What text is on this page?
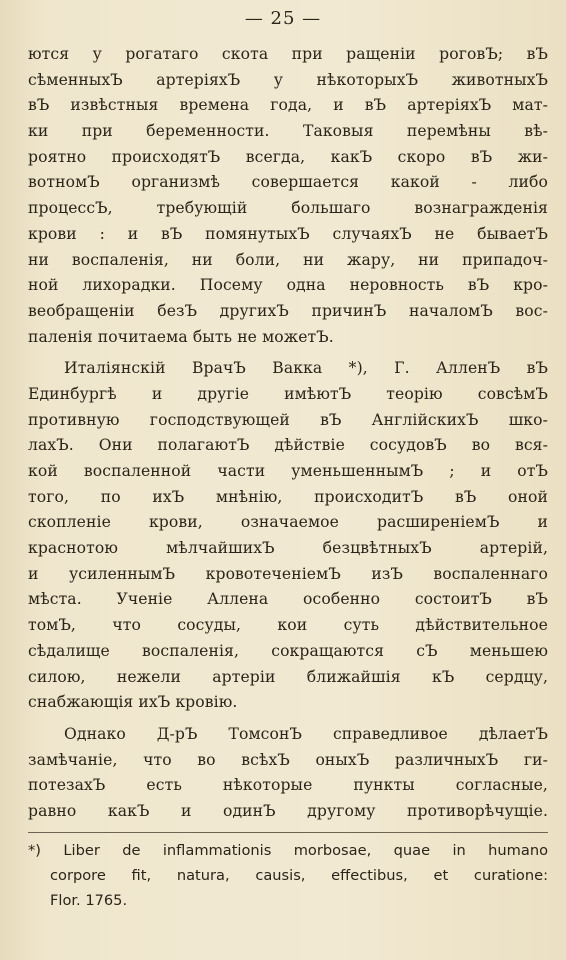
— 25 —
ются у рогатаго скота при ращеніи роговЪ; вЪ
сѣменныхЪ артеріяхЪ у нѣкоторыхЪ животныхЪ
вЪ извѣстныя времена года, и вЪ артеріяхЪ мат-
ки при беременности. Таковыя перемѣны вѣ-
роятно происходятЪ всегда, какЪ скоро вЪ жи-
вотномЪ организмѣ совершается какой - либо
процессЪ, требующій большаго вознагражденія
крови : и вЪ помянутыхЪ случаяхЪ не бываетЪ
ни воспаленія, ни боли, ни жару, ни припадоч-
ной лихорадки. Посему одна неровность вЪ кро-
веобращеніи безЪ другихЪ причинЪ началомЪ вос-
паленія почитаема быть не можетЪ.
Италіянскій ВрачЪ Вакка *), Г. АлленЪ вЪ
Единбургѣ и другіе имѣютЪ теорію совсѣмЪ
противную господствующей вЪ АнглійскихЪ шко-
лахЪ. Они полагаютЪ дѣйствіе сосудовЪ во вся-
кой воспаленной части уменьшеннымЪ ; и отЪ
того, по ихЪ мнѣнію, происходитЪ вЪ оной
скопленіе крови, означаемое расширеніемЪ и
краснотою мѣлчайшихЪ безцвѣтныхЪ артерій,
и усиленнымЪ кровотеченіемЪ изЪ воспаленнаго
мѣста. Ученіе Аллена особенно состоитЪ вЪ
томЪ, что сосуды, кои суть дѣйствительное
сѣдалище воспаленія, сокращаются сЪ меньшею
силою, нежели артеріи ближайшія кЪ сердцу,
снабжающія ихЪ кровію.
Однако Д-рЪ ТомсонЪ справедливое дѣлаетЪ
замѣчаніе, что во всѣхЪ оныхЪ различныхЪ ги-
потезахЪ есть нѣкоторые пункты согласные,
равно какЪ и одинЪ другому противорѣчущіе.
*) Liber de inflammationis morbosae, quae in humano
corpore fit, natura, causis, effectibus, et curatione:
Flor. 1765.
